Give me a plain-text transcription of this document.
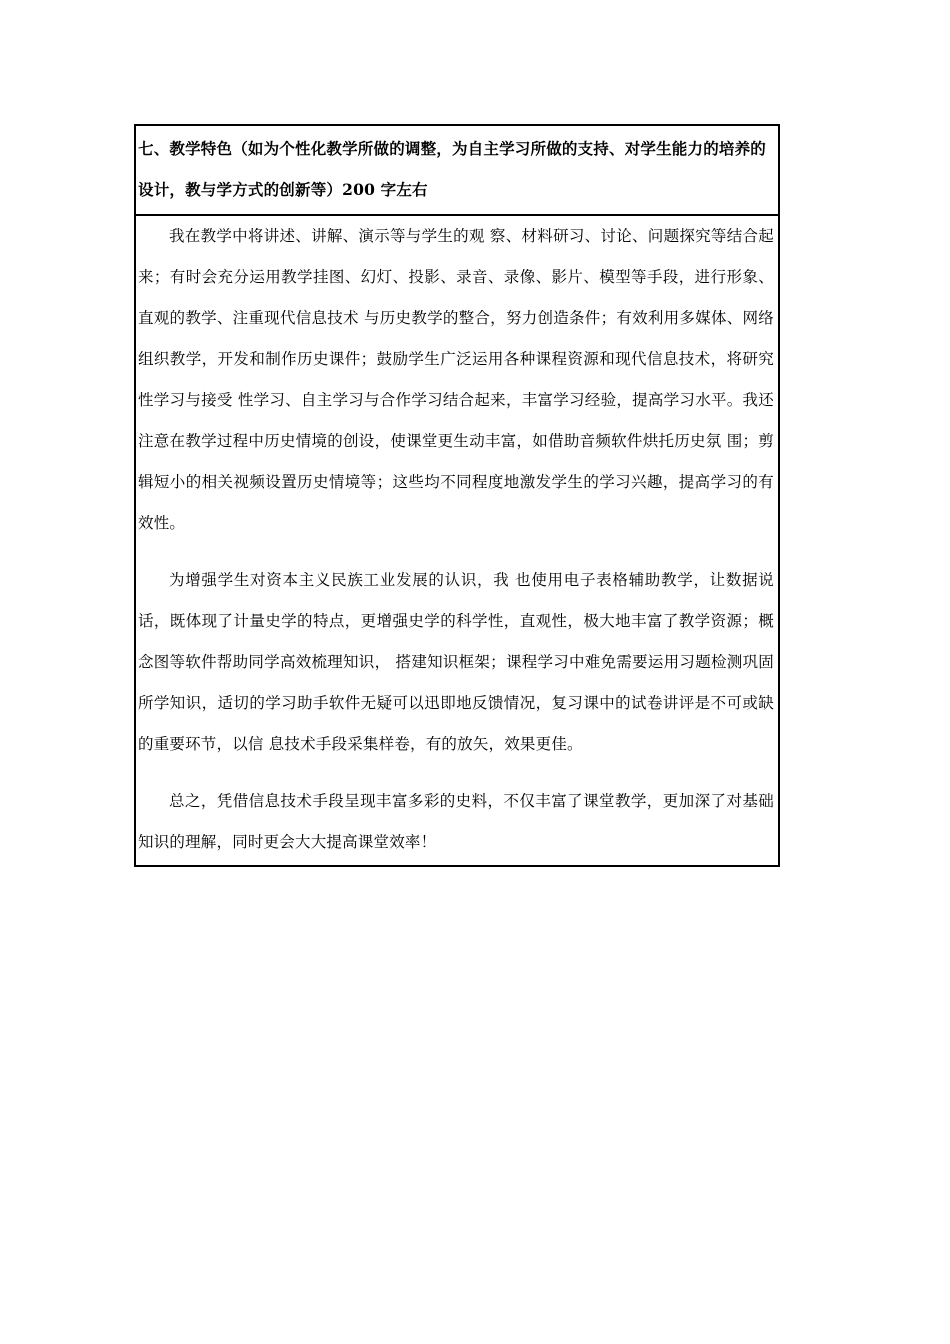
七、教学特色（如为个性化教学所做的调整，为自主学习所做的支持、对学生能力的培养的设计，教与学方式的创新等）200 字左右

我在教学中将讲述、讲解、演示等与学生的观 察、材料研习、讨论、问题探究等结合起来；有时会充分运用教学挂图、幻灯、投影、录音、录像、影片、模型等手段，进行形象、直观的教学、注重现代信息技术 与历史教学的整合，努力创造条件；有效利用多媒体、网络组织教学，开发和制作历史课件；鼓励学生广泛运用各种课程资源和现代信息技术，将研究性学习与接受 性学习、自主学习与合作学习结合起来，丰富学习经验，提高学习水平。我还注意在教学过程中历史情境的创设，使课堂更生动丰富，如借助音频软件烘托历史氛 围；剪辑短小的相关视频设置历史情境等；这些均不同程度地激发学生的学习兴趣，提高学习的有效性。

为增强学生对资本主义民族工业发展的认识，我 也使用电子表格辅助教学，让数据说话，既体现了计量史学的特点，更增强史学的科学性，直观性，极大地丰富了教学资源；概念图等软件帮助同学高效梳理知识， 搭建知识框架；课程学习中难免需要运用习题检测巩固所学知识，适切的学习助手软件无疑可以迅即地反馈情况，复习课中的试卷讲评是不可或缺的重要环节，以信 息技术手段采集样卷，有的放矢，效果更佳。

总之，凭借信息技术手段呈现丰富多彩的史料，不仅丰富了课堂教学，更加深了对基础知识的理解，同时更会大大提高课堂效率！
